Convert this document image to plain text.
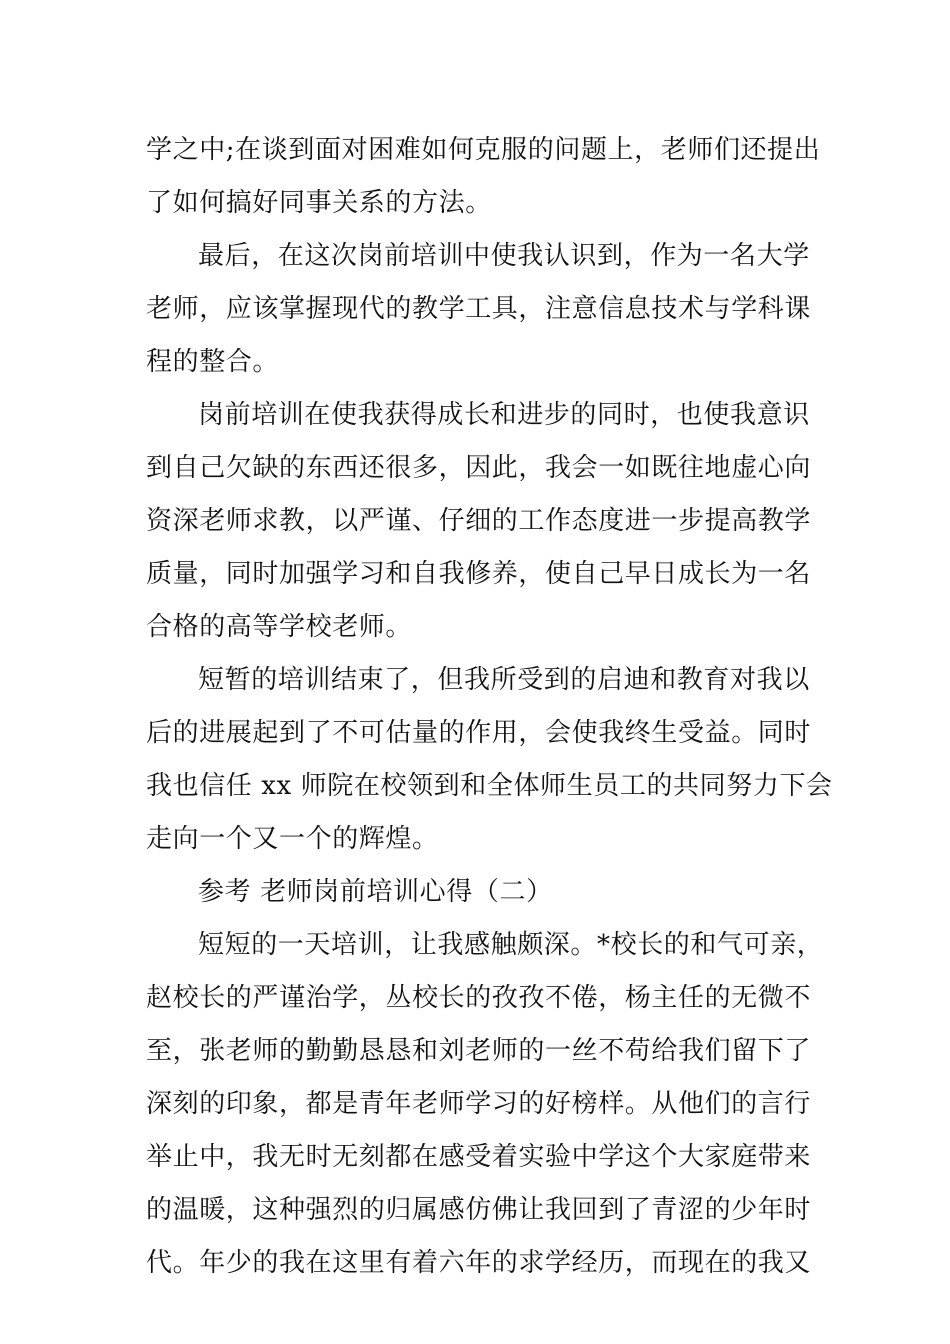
学之中;在谈到面对困难如何克服的问题上，老师们还提出
了如何搞好同事关系的方法。
最后，在这次岗前培训中使我认识到，作为一名大学
老师，应该掌握现代的教学工具，注意信息技术与学科课
程的整合。
岗前培训在使我获得成长和进步的同时，也使我意识
到自己欠缺的东西还很多，因此，我会一如既往地虚心向
资深老师求教，以严谨、仔细的工作态度进一步提高教学
质量，同时加强学习和自我修养，使自己早日成长为一名
合格的高等学校老师。
短暂的培训结束了，但我所受到的启迪和教育对我以
后的进展起到了不可估量的作用，会使我终生受益。同时
我也信任 xx 师院在校领到和全体师生员工的共同努力下会
走向一个又一个的辉煌。
参考 老师岗前培训心得（二）
短短的一天培训，让我感触颇深。*校长的和气可亲，
赵校长的严谨治学，丛校长的孜孜不倦，杨主任的无微不
至，张老师的勤勤恳恳和刘老师的一丝不苟给我们留下了
深刻的印象，都是青年老师学习的好榜样。从他们的言行
举止中，我无时无刻都在感受着实验中学这个大家庭带来
的温暖，这种强烈的归属感仿佛让我回到了青涩的少年时
代。年少的我在这里有着六年的求学经历，而现在的我又
